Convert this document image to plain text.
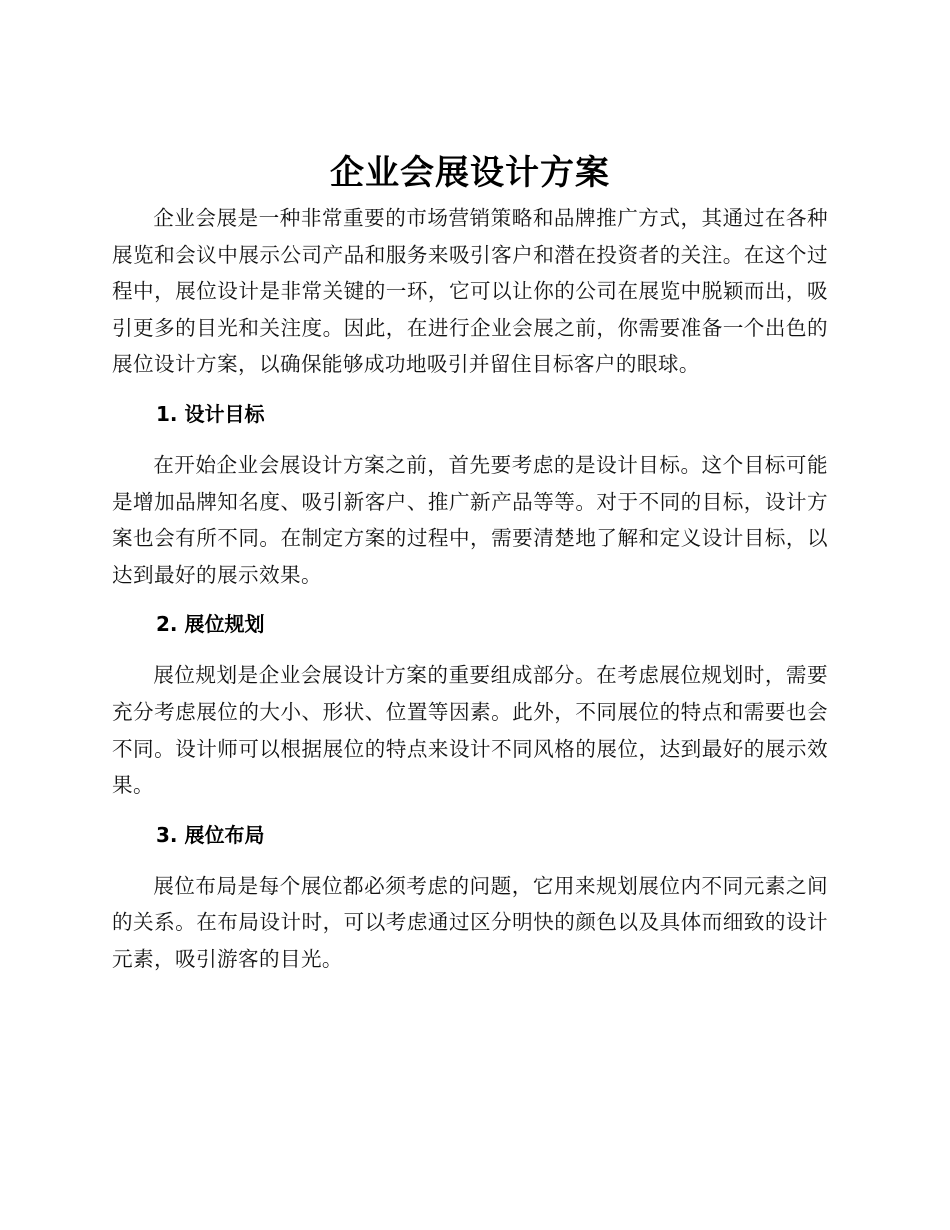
企业会展设计方案

企业会展是一种非常重要的市场营销策略和品牌推广方式，其通过在各种展览和会议中展示公司产品和服务来吸引客户和潜在投资者的关注。在这个过程中，展位设计是非常关键的一环，它可以让你的公司在展览中脱颖而出，吸引更多的目光和关注度。因此，在进行企业会展之前，你需要准备一个出色的展位设计方案，以确保能够成功地吸引并留住目标客户的眼球。

1. 设计目标

在开始企业会展设计方案之前，首先要考虑的是设计目标。这个目标可能是增加品牌知名度、吸引新客户、推广新产品等等。对于不同的目标，设计方案也会有所不同。在制定方案的过程中，需要清楚地了解和定义设计目标，以达到最好的展示效果。

2. 展位规划

展位规划是企业会展设计方案的重要组成部分。在考虑展位规划时，需要充分考虑展位的大小、形状、位置等因素。此外，不同展位的特点和需要也会不同。设计师可以根据展位的特点来设计不同风格的展位，达到最好的展示效果。

3. 展位布局

展位布局是每个展位都必须考虑的问题，它用来规划展位内不同元素之间的关系。在布局设计时，可以考虑通过区分明快的颜色以及具体而细致的设计元素，吸引游客的目光。
